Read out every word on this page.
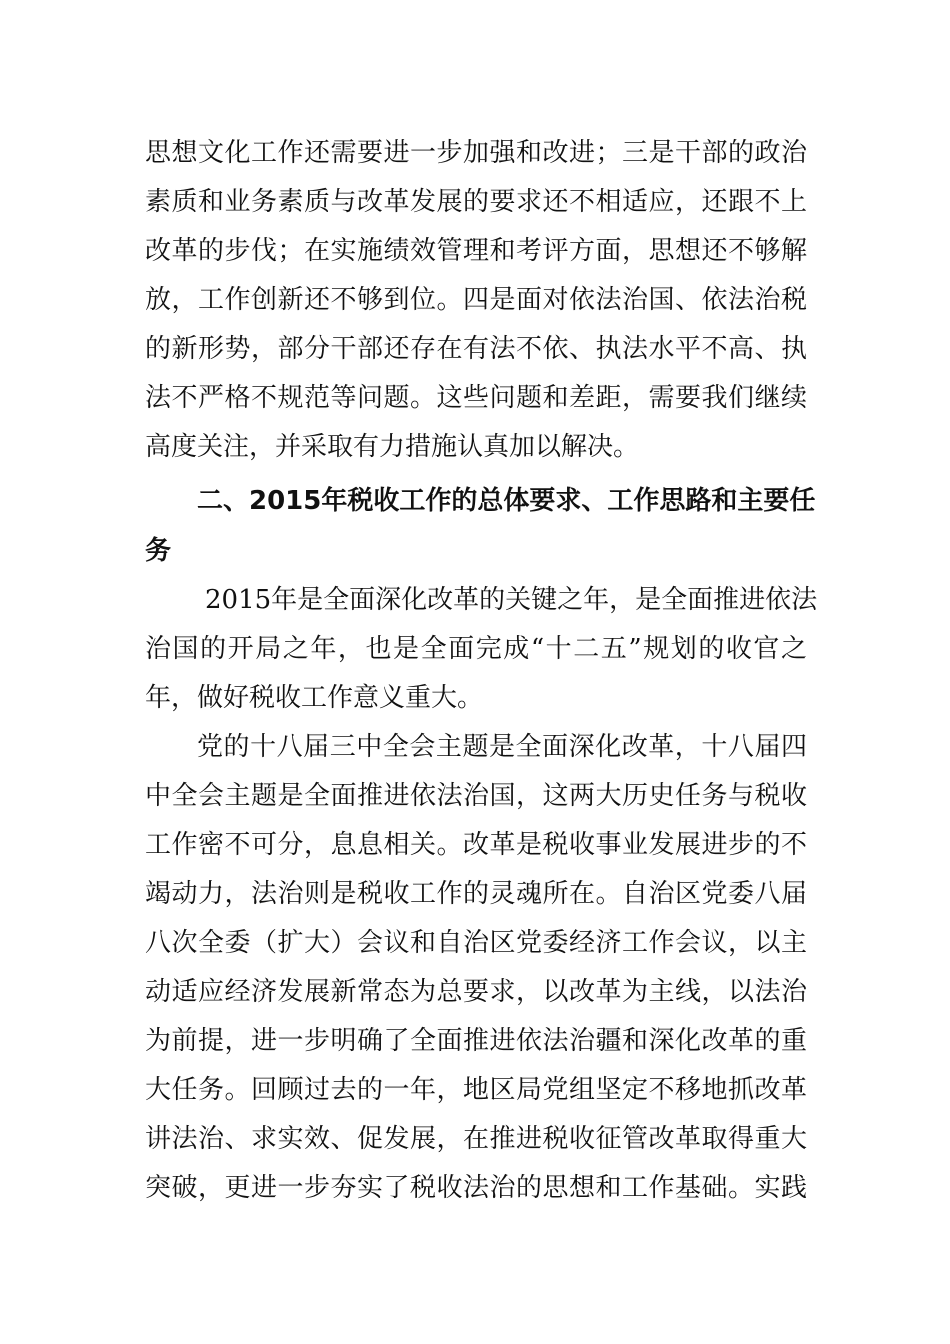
思想文化工作还需要进一步加强和改进；三是干部的政治

素质和业务素质与改革发展的要求还不相适应，还跟不上

改革的步伐；在实施绩效管理和考评方面，思想还不够解

放，工作创新还不够到位。四是面对依法治国、依法治税

的新形势，部分干部还存在有法不依、执法水平不高、执

法不严格不规范等问题。这些问题和差距，需要我们继续

高度关注，并采取有力措施认真加以解决。

二、2015年税收工作的总体要求、工作思路和主要任

务

2015年是全面深化改革的关键之年，是全面推进依法

治国的开局之年，也是全面完成“十二五”规划的收官之

年，做好税收工作意义重大。

党的十八届三中全会主题是全面深化改革，十八届四

中全会主题是全面推进依法治国，这两大历史任务与税收

工作密不可分，息息相关。改革是税收事业发展进步的不

竭动力，法治则是税收工作的灵魂所在。自治区党委八届

八次全委（扩大）会议和自治区党委经济工作会议，以主

动适应经济发展新常态为总要求，以改革为主线，以法治

为前提，进一步明确了全面推进依法治疆和深化改革的重

大任务。回顾过去的一年，地区局党组坚定不移地抓改革

讲法治、求实效、促发展，在推进税收征管改革取得重大

突破，更进一步夯实了税收法治的思想和工作基础。实践
